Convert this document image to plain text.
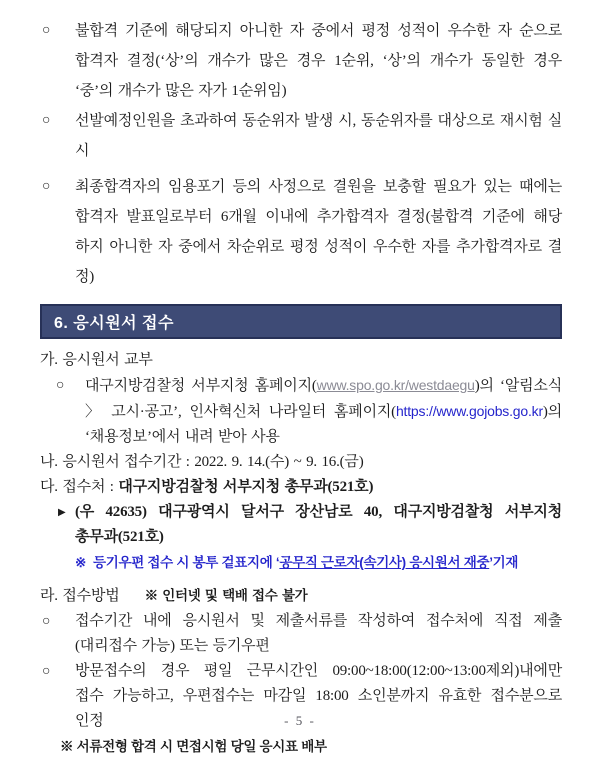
○ 불합격 기준에 해당되지 아니한 자 중에서 평정 성적이 우수한 자 순으로
합격자 결정(‘상’의 개수가 많은 경우 1순위, ‘상’의 개수가 동일한 경우
‘중’의 개수가 많은 자가 1순위임)
○ 선발예정인원을 초과하여 동순위자 발생 시, 동순위자를 대상으로 재시험 실시
○ 최종합격자의 임용포기 등의 사정으로 결원을 보충할 필요가 있는 때에는
합격자 발표일로부터 6개월 이내에 추가합격자 결정(불합격 기준에 해당
하지 아니한 자 중에서 차순위로 평정 성적이 우수한 자를 추가합격자로 결정)
6. 응시원서 접수
가. 응시원서 교부
○ 대구지방검찰청 서부지청 홈페이지(www.spo.go.kr/westdaegu)의 ‘알림소식
〉 고시·공고’, 인사혁신처 나라일터 홈페이지(https://www.gojobs.go.kr)의
‘채용정보’에서 내려 받아 사용
나. 응시원서 접수기간 : 2022. 9. 14.(수) ~ 9. 16.(금)
다. 접수처 : 대구지방검찰청 서부지청 총무과(521호)
▶ (우 42635) 대구광역시 달서구 장산남로 40, 대구지방검찰청 서부지청
총무과(521호)
※ 등기우편 접수 시 봉투 겉표지에 ‘공무직 근로자(속기사) 응시원서 재중’기재
라. 접수방법 ※ 인터넷 및 택배 접수 불가
○ 접수기간 내에 응시원서 및 제출서류를 작성하여 접수처에 직접 제출
(대리접수 가능) 또는 등기우편
○ 방문접수의 경우 평일 근무시간인 09:00~18:00(12:00~13:00제외)내에만
접수 가능하고, 우편접수는 마감일 18:00 소인분까지 유효한 접수분으로
인정
※ 서류전형 합격 시 면접시험 당일 응시표 배부
- 5 -
